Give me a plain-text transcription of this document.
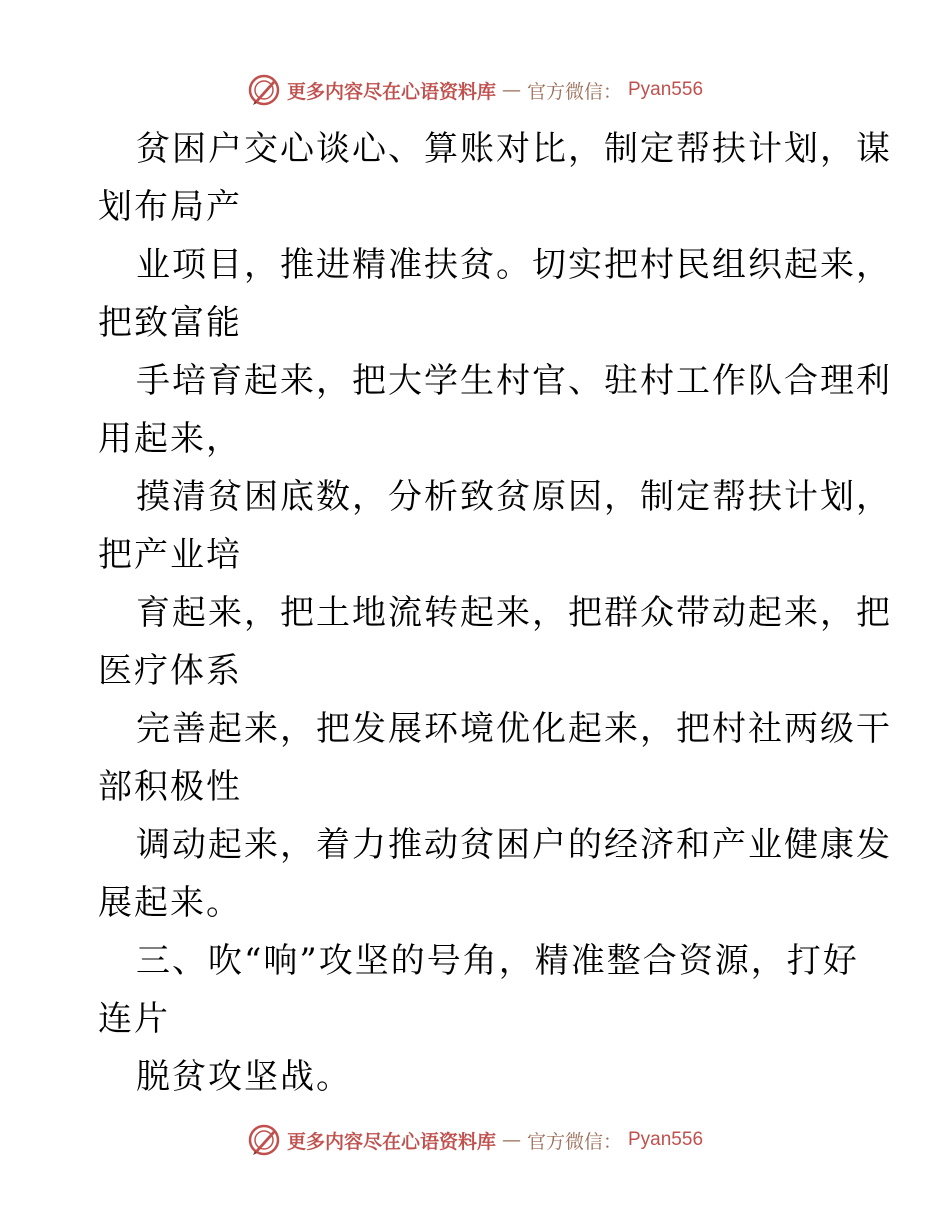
更多内容尽在心语资料库 — 官方微信： Pyan556
贫困户交心谈心、算账对比，制定帮扶计划，谋
划布局产
业项目，推进精准扶贫。切实把村民组织起来，
把致富能
手培育起来，把大学生村官、驻村工作队合理利
用起来，
摸清贫困底数，分析致贫原因，制定帮扶计划，
把产业培
育起来，把土地流转起来，把群众带动起来，把
医疗体系
完善起来，把发展环境优化起来，把村社两级干
部积极性
调动起来，着力推动贫困户的经济和产业健康发
展起来。
三、吹“响”攻坚的号角，精准整合资源，打好
连片
脱贫攻坚战。
更多内容尽在心语资料库 — 官方微信： Pyan556
